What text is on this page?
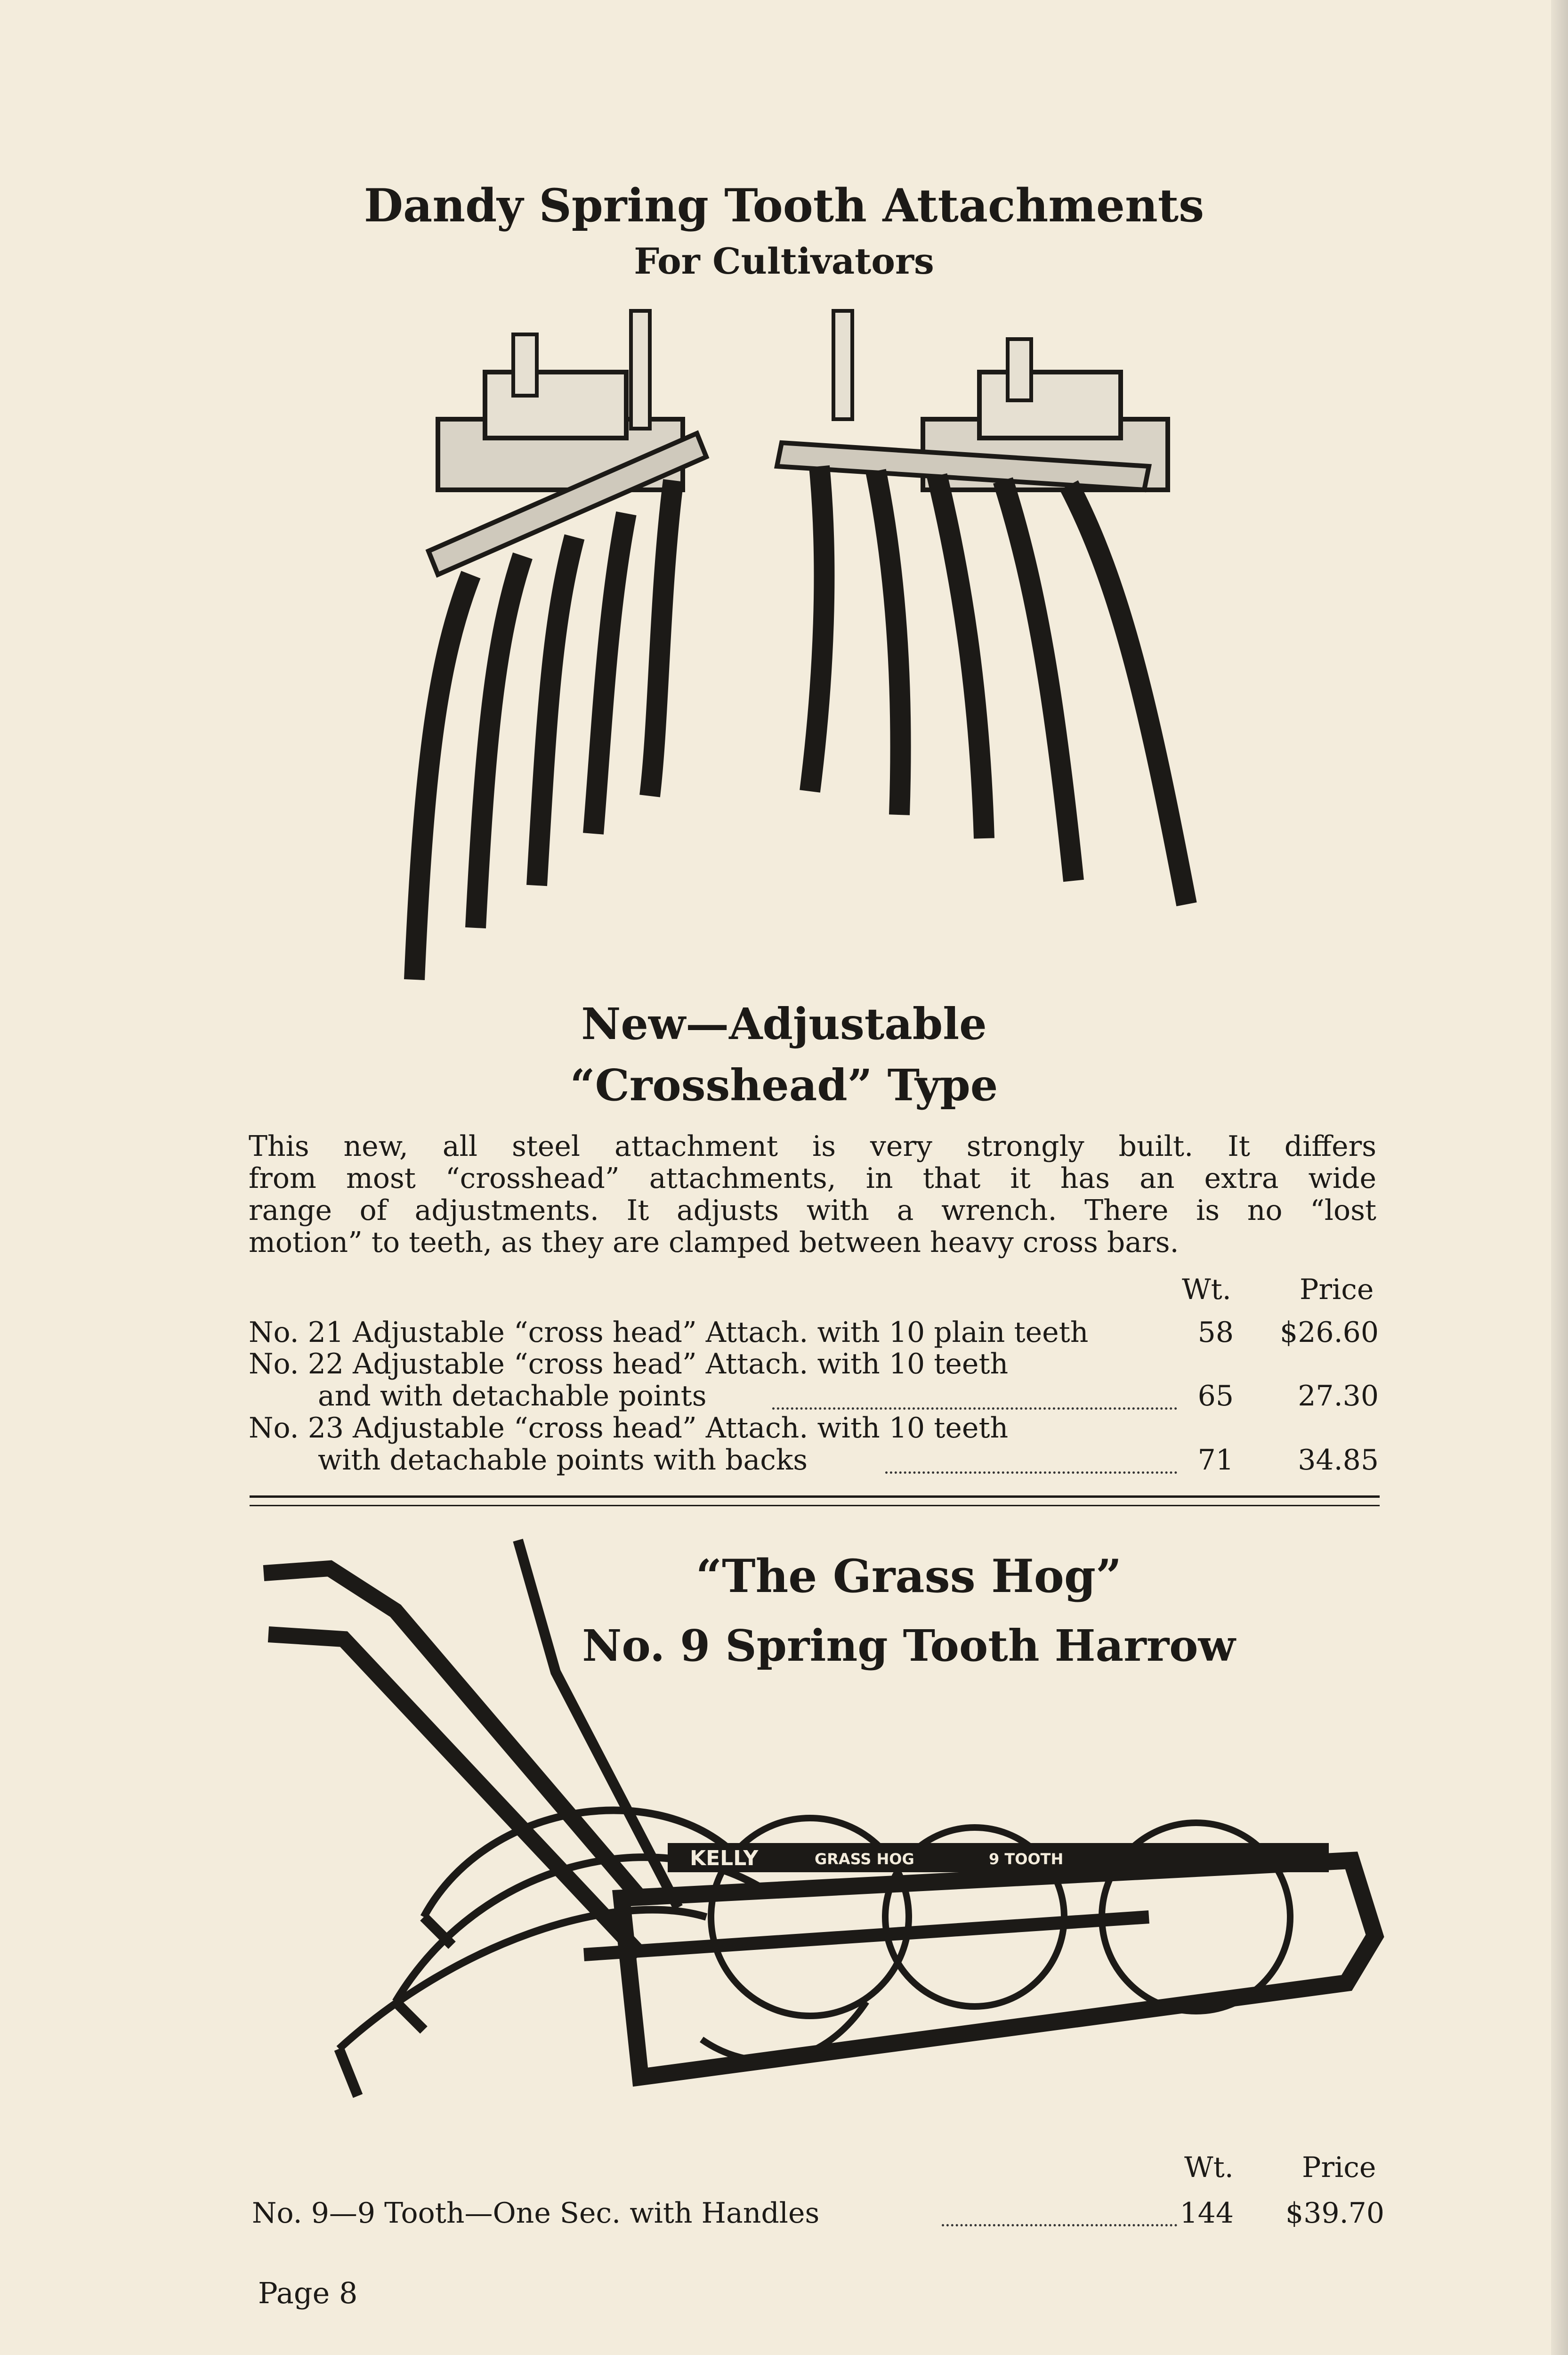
Dandy Spring Tooth Attachments
For Cultivators
New—Adjustable
“Crosshead” Type
This new, all steel attachment is very strongly built. It differs
from most “crosshead” attachments, in that it has an extra wide
range of adjustments. It adjusts with a wrench. There is no “lost
motion” to teeth, as they are clamped between heavy cross bars.
Wt. Price
No. 21 Adjustable “cross head” Attach. with 10 plain teeth	58	$26.60
No. 22 Adjustable “cross head” Attach. with 10 teeth
and with detachable points	65	27.30
No. 23 Adjustable “cross head” Attach. with 10 teeth
with detachable points with backs	71	34.85
“The Grass Hog”
No. 9 Spring Tooth Harrow
KELLY	GRASS HOG	9 TOOTH
Wt. Price
No. 9—9 Tooth—One Sec. with Handles	144	$39.70
Page 8
